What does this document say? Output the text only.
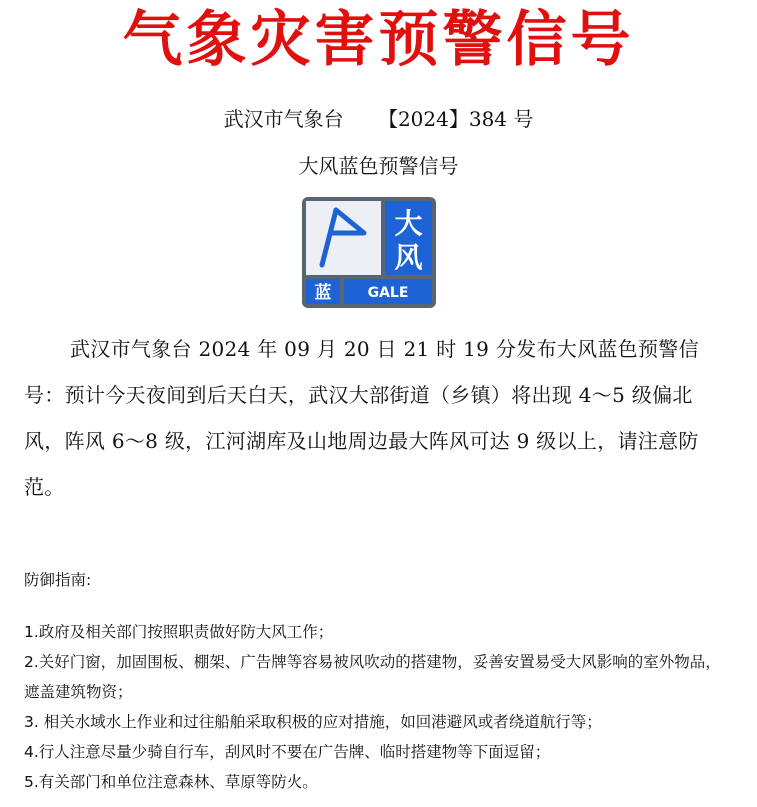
气象灾害预警信号
武汉市气象台 【2024】384 号
大风蓝色预警信号
大
风
蓝	GALE
武汉市气象台 2024 年 09 月 20 日 21 时 19 分发布大风蓝色预警信号：预计今天夜间到后天白天，武汉大部街道（乡镇）将出现 4～5 级偏北风，阵风 6～8 级，江河湖库及山地周边最大阵风可达 9 级以上，请注意防范。
防御指南:
1.政府及相关部门按照职责做好防大风工作；
2.关好门窗，加固围板、棚架、广告牌等容易被风吹动的搭建物，妥善安置易受大风影响的室外物品，遮盖建筑物资；
3. 相关水域水上作业和过往船舶采取积极的应对措施，如回港避风或者绕道航行等；
4.行人注意尽量少骑自行车，刮风时不要在广告牌、临时搭建物等下面逗留；
5.有关部门和单位注意森林、草原等防火。
